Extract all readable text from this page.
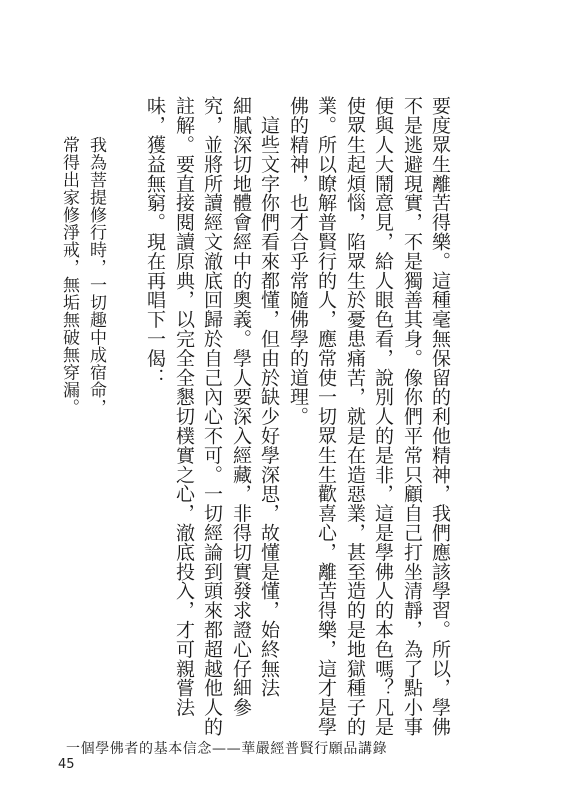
要度眾生離苦得樂。這種毫無保留的利他精神，我們應該學習。所以，學佛
不是逃避現實，不是獨善其身。像你們平常只顧自己打坐清靜，為了點小事
便與人大鬧意見，給人眼色看，說別人的是非，這是學佛人的本色嗎？凡是
使眾生起煩惱，陷眾生於憂患痛苦，就是在造惡業，甚至造的是地獄種子的
業。所以瞭解普賢行的人，應常使一切眾生生歡喜心，離苦得樂，這才是學
佛的精神，也才合乎常隨佛學的道理。
　這些文字你們看來都懂，但由於缺少好學深思，故懂是懂，始終無法
細膩深切地體會經中的奧義。學人要深入經藏，非得切實發求證心仔細參
究，並將所讀經文澈底回歸於自己內心不可。一切經論到頭來都超越他人的
註解。要直接閱讀原典，以完全全懇切樸實之心，澈底投入，才可親嘗法
味，獲益無窮。現在再唱下一偈：
我為菩提修行時，一切趣中成宿命，
常得出家修淨戒，無垢無破無穿漏。
一個學佛者的基本信念——華嚴經普賢行願品講錄
45
